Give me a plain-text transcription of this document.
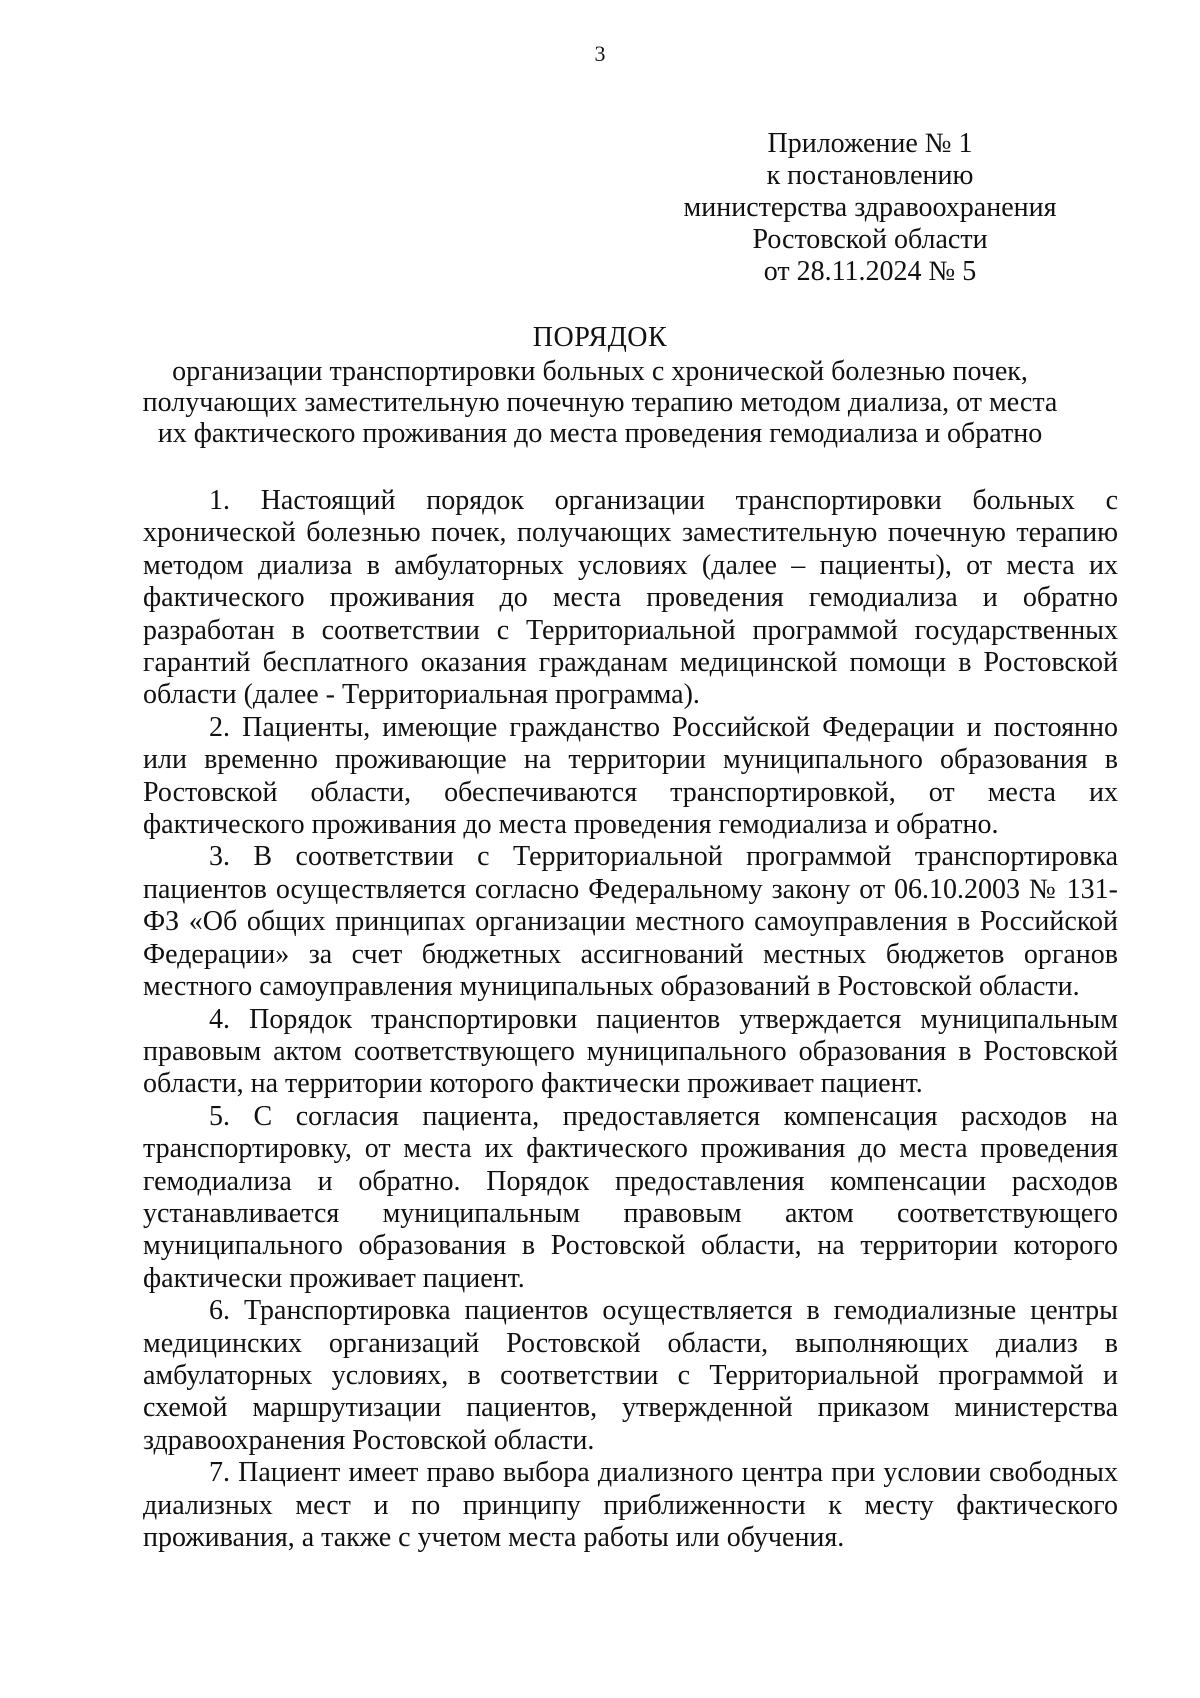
3
Приложение № 1
к постановлению
министерства здравоохранения
Ростовской области
от 28.11.2024 № 5
ПОРЯДОК
организации транспортировки больных с хронической болезнью почек,
получающих заместительную почечную терапию методом диализа, от места
их фактического проживания до места проведения гемодиализа и обратно

1. Настоящий порядок организации транспортировки больных с хронической болезнью почек, получающих заместительную почечную терапию методом диализа в амбулаторных условиях (далее – пациенты), от места их фактического проживания до места проведения гемодиализа и обратно разработан в соответствии с Территориальной программой государственных гарантий бесплатного оказания гражданам медицинской помощи в Ростовской области (далее - Территориальная программа).

2. Пациенты, имеющие гражданство Российской Федерации и постоянно или временно проживающие на территории муниципального образования в Ростовской области, обеспечиваются транспортировкой, от места их фактического проживания до места проведения гемодиализа и обратно.

3. В соответствии с Территориальной программой транспортировка пациентов осуществляется согласно Федеральному закону от 06.10.2003 № 131-ФЗ «Об общих принципах организации местного самоуправления в Российской Федерации» за счет бюджетных ассигнований местных бюджетов органов местного самоуправления муниципальных образований в Ростовской области.

4. Порядок транспортировки пациентов утверждается муниципальным правовым актом соответствующего муниципального образования в Ростовской области, на территории которого фактически проживает пациент.

5. С согласия пациента, предоставляется компенсация расходов на транспортировку, от места их фактического проживания до места проведения гемодиализа и обратно. Порядок предоставления компенсации расходов устанавливается муниципальным правовым актом соответствующего муниципального образования в Ростовской области, на территории которого фактически проживает пациент.

6. Транспортировка пациентов осуществляется в гемодиализные центры медицинских организаций Ростовской области, выполняющих диализ в амбулаторных условиях, в соответствии с Территориальной программой и схемой маршрутизации пациентов, утвержденной приказом министерства здравоохранения Ростовской области.

7. Пациент имеет право выбора диализного центра при условии свободных диализных мест и по принципу приближенности к месту фактического проживания, а также с учетом места работы или обучения.
